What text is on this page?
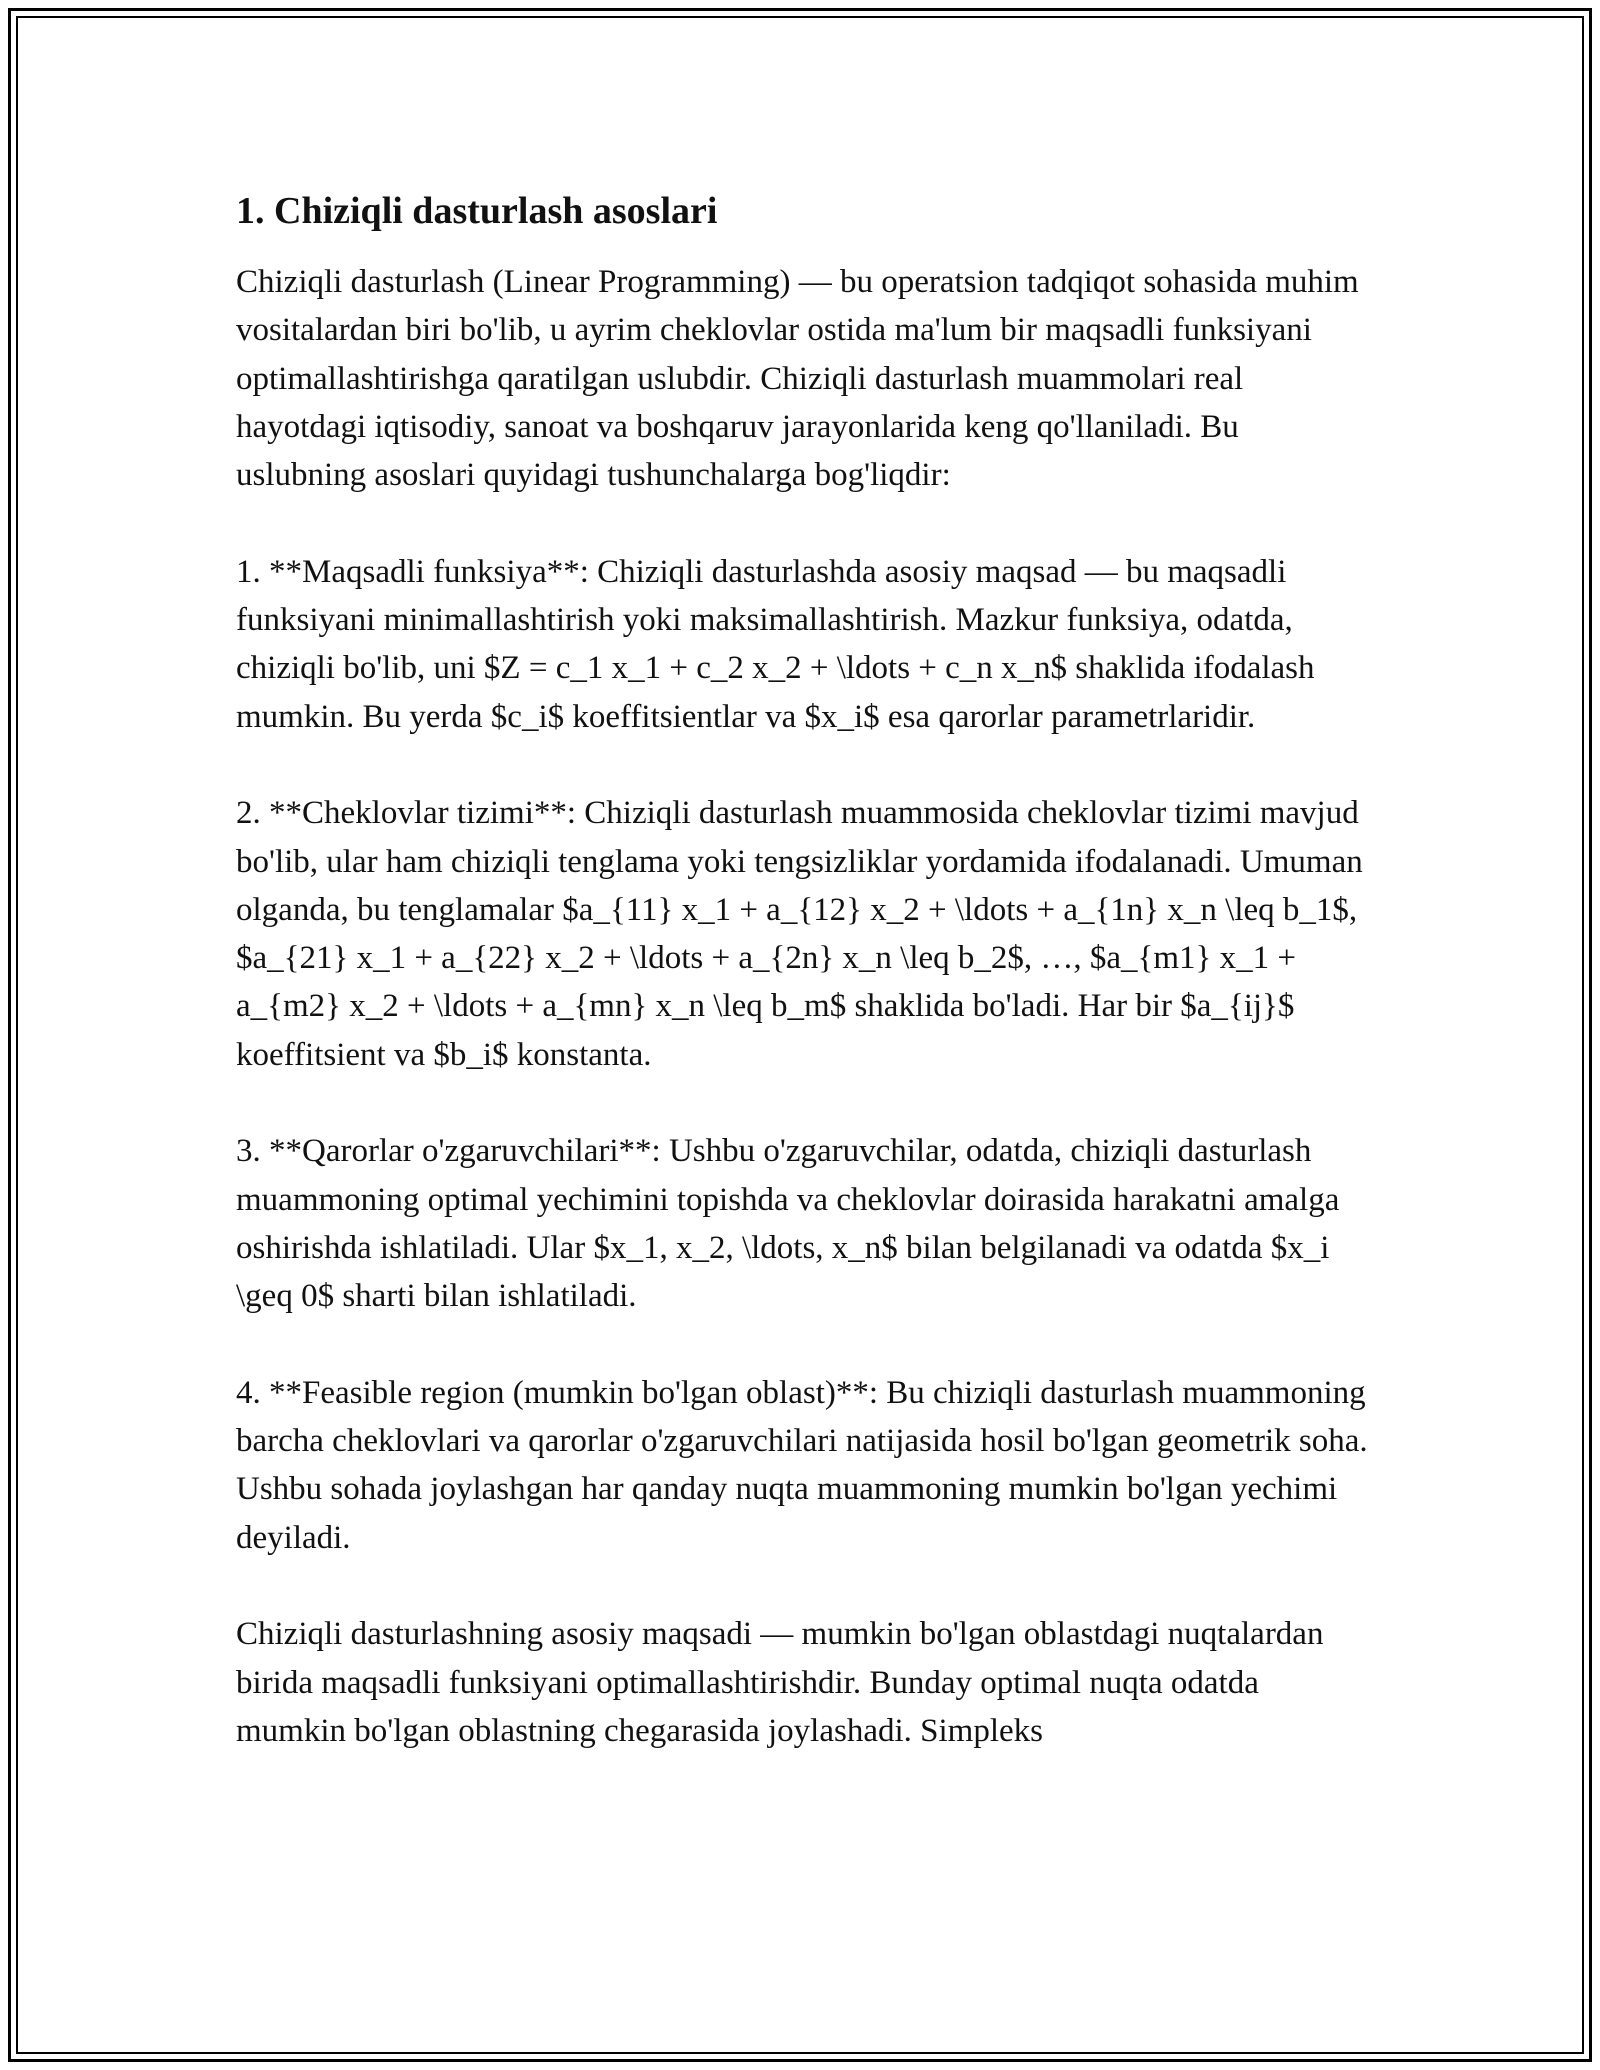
1. Chiziqli dasturlash asoslari

Chiziqli dasturlash (Linear Programming) — bu operatsion tadqiqot sohasida muhim vositalardan biri bo'lib, u ayrim cheklovlar ostida ma'lum bir maqsadli funksiyani optimallashtirishga qaratilgan uslubdir. Chiziqli dasturlash muammolari real hayotdagi iqtisodiy, sanoat va boshqaruv jarayonlarida keng qo'llaniladi. Bu uslubning asoslari quyidagi tushunchalarga bog'liqdir:

1. **Maqsadli funksiya**: Chiziqli dasturlashda asosiy maqsad — bu maqsadli funksiyani minimallashtirish yoki maksimallashtirish. Mazkur funksiya, odatda, chiziqli bo'lib, uni $Z = c_1 x_1 + c_2 x_2 + \ldots + c_n x_n$ shaklida ifodalash mumkin. Bu yerda $c_i$ koeffitsientlar va $x_i$ esa qarorlar parametrlaridir.

2. **Cheklovlar tizimi**: Chiziqli dasturlash muammosida cheklovlar tizimi mavjud bo'lib, ular ham chiziqli tenglama yoki tengsizliklar yordamida ifodalanadi. Umuman olganda, bu tenglamalar $a_{11} x_1 + a_{12} x_2 + \ldots + a_{1n} x_n \leq b_1$, $a_{21} x_1 + a_{22} x_2 + \ldots + a_{2n} x_n \leq b_2$, …, $a_{m1} x_1 + a_{m2} x_2 + \ldots + a_{mn} x_n \leq b_m$ shaklida bo'ladi. Har bir $a_{ij}$ koeffitsient va $b_i$ konstanta.

3. **Qarorlar o'zgaruvchilari**: Ushbu o'zgaruvchilar, odatda, chiziqli dasturlash muammoning optimal yechimini topishda va cheklovlar doirasida harakatni amalga oshirishda ishlatiladi. Ular $x_1, x_2, \ldots, x_n$ bilan belgilanadi va odatda $x_i \geq 0$ sharti bilan ishlatiladi.

4. **Feasible region (mumkin bo'lgan oblast)**: Bu chiziqli dasturlash muammoning barcha cheklovlari va qarorlar o'zgaruvchilari natijasida hosil bo'lgan geometrik soha. Ushbu sohada joylashgan har qanday nuqta muammoning mumkin bo'lgan yechimi deyiladi.

Chiziqli dasturlashning asosiy maqsadi — mumkin bo'lgan oblastdagi nuqtalardan birida maqsadli funksiyani optimallashtirishdir. Bunday optimal nuqta odatda mumkin bo'lgan oblastning chegarasida joylashadi. Simpleks
